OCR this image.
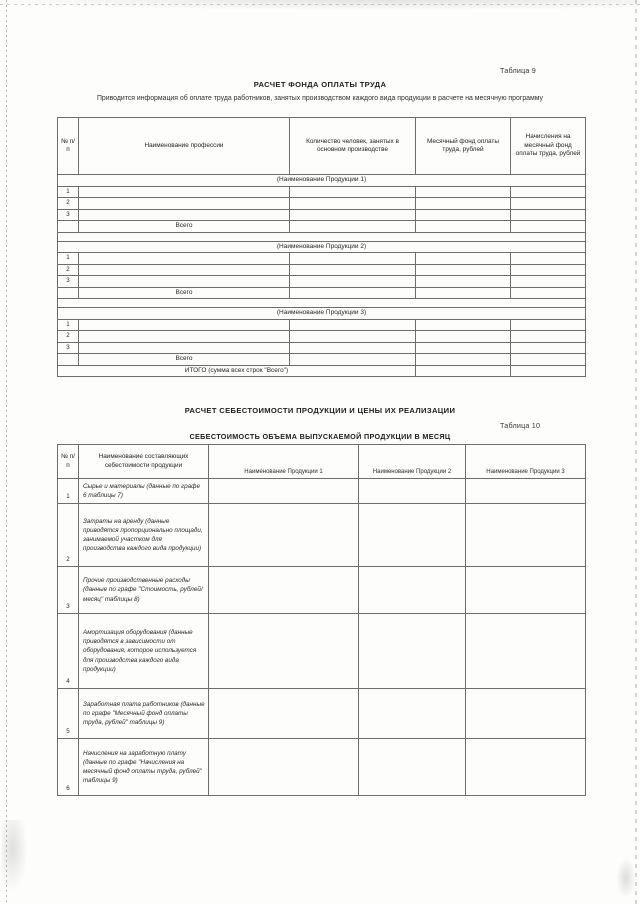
Таблица 9
РАСЧЕТ ФОНДА ОПЛАТЫ ТРУДА
Приводится информация об оплате труда работников, занятых производством каждого вида продукции в расчете на месячную программу
№ п/п	Наименование профессии	Количество человек, занятых в основном производстве	Месячный фонд оплаты труда, рублей	Начисления на месячный фонд оплаты труда, рублей
(Наименование Продукции 1)				
1				
2				
3				
	Всего			

(Наименование Продукции 2)				
1				
2				
3				
	Всего			

(Наименование Продукции 3)				
1				
2				
3				
	Всего			
ИТОГО (сумма всех строк "Всего")				
РАСЧЕТ СЕБЕСТОИМОСТИ ПРОДУКЦИИ И ЦЕНЫ ИХ РЕАЛИЗАЦИИ
Таблица 10
СЕБЕСТОИМОСТЬ ОБЪЕМА ВЫПУСКАЕМОЙ ПРОДУКЦИИ В МЕСЯЦ
№ п/п	Наименование составляющих себестоимости продукции	Наименование Продукции 1	Наименование Продукции 2	Наименование Продукции 3
1	Сырье и материалы (данные по графе 6 таблицы 7)			
2	Затраты на аренду (данные приводятся пропорционально площади, занимаемой участком для производства каждого вида продукции)			
3	Прочие производственные расходы (данные по графе "Стоимость, рублей/месяц" таблицы 8)			
4	Амортизация оборудования (данные приводятся в зависимости от оборудования, которое используется для производства каждого вида продукции)			
5	Заработная плата работников (данные по графе "Месячный фонд оплаты труда, рублей" таблицы 9)			
6	Начисления на заработную плату (данные по графе "Начисления на месячный фонд оплаты труда, рублей" таблицы 9)			
